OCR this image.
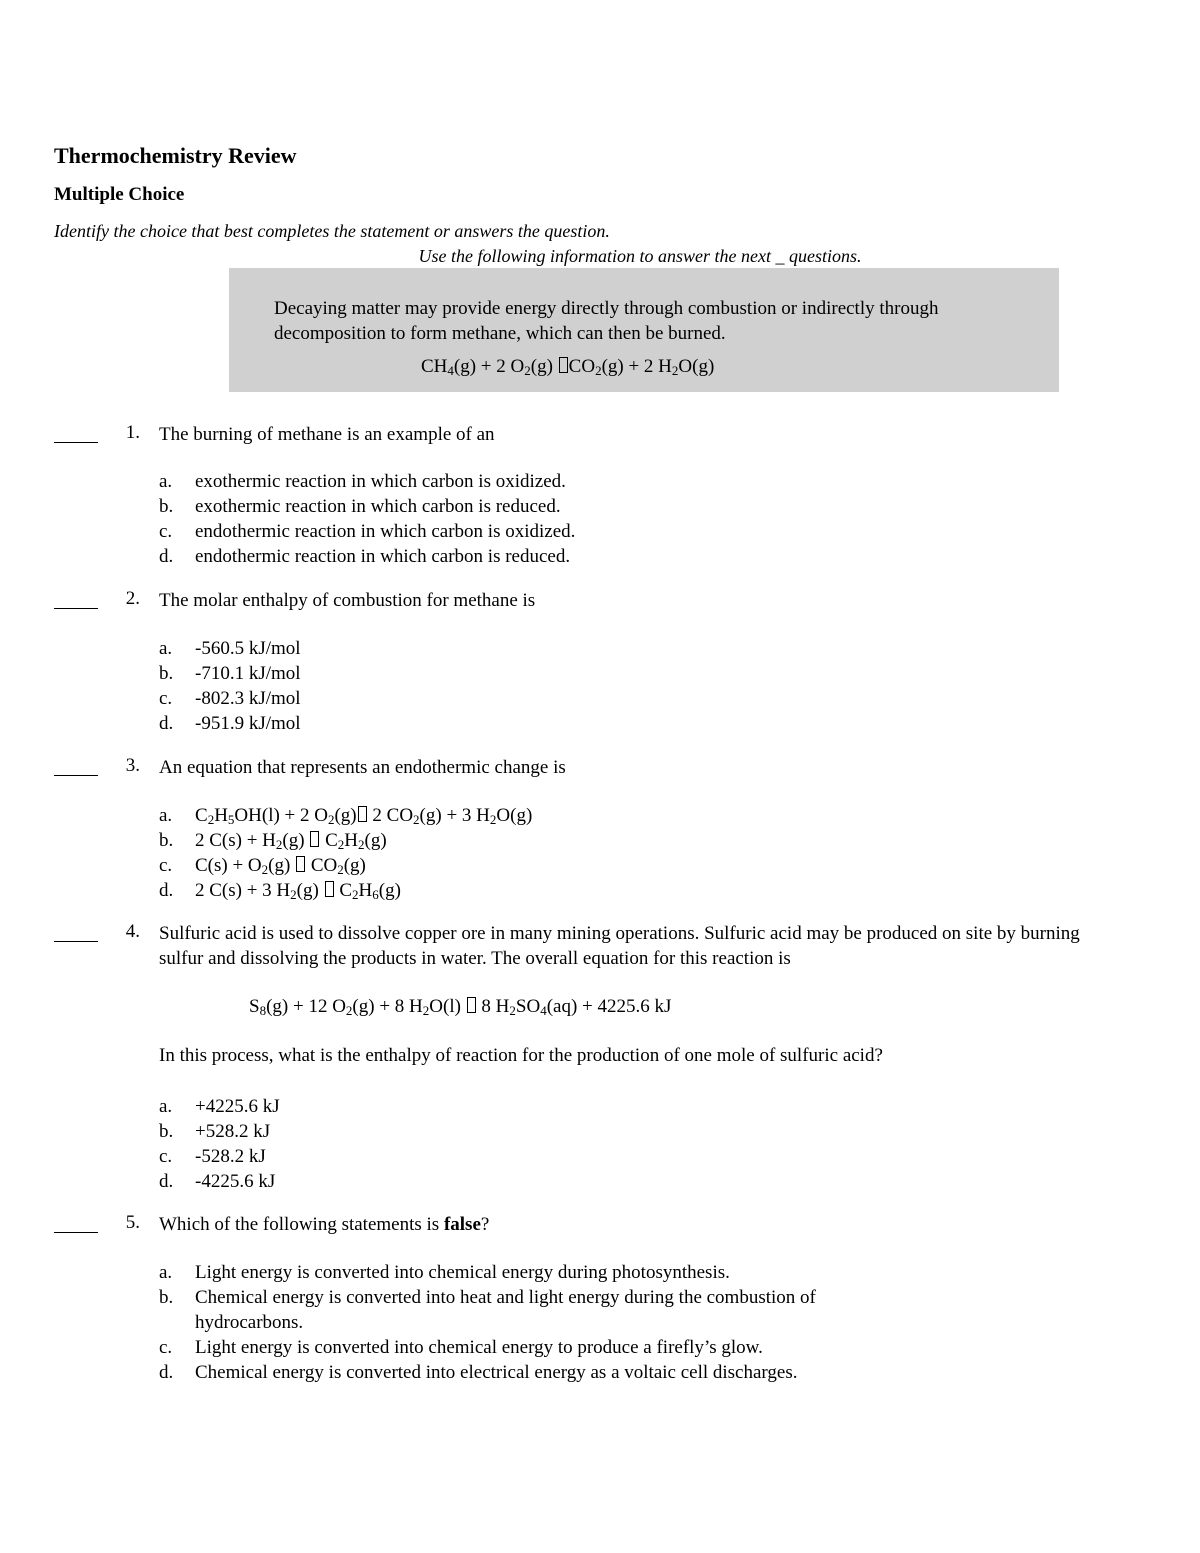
Thermochemistry Review
Multiple Choice
Identify the choice that best completes the statement or answers the question.
Use the following information to answer the next _ questions.
Decaying matter may provide energy directly through combustion or indirectly through decomposition to form methane, which can then be burned.
$CH_4(g) + 2$ $O_2(g) CO_2(g) + 2$ $H_2O(g)$
1. The burning of methane is an example of an
a.	exothermic reaction in which carbon is oxidized.
b.	exothermic reaction in which carbon is reduced.
c.	endothermic reaction in which carbon is oxidized.
d.	endothermic reaction in which carbon is reduced.
2. The molar enthalpy of combustion for methane is
a.	-560.5 kJ/mol
b.	-710.1 kJ/mol
c.	-802.3 kJ/mol
d.	-951.9 kJ/mol
3. An equation that represents an endothermic change is
a.	$C_2H_5OH(l) + 2$ $O_2(g)$ 2 $CO_2(g) + 3$ $H_2O(g)$
b.	2 $C(s) + H_2(g)$  $C_2H_2(g)$
c.	$C(s) + O_2(g)$  $CO_2(g)$
d.	2 C(s) + 3 $H_2(g)$  $C_2H_6(g)$
4. Sulfuric acid is used to dissolve copper ore in many mining operations. Sulfuric acid may be produced on site by burning sulfur and dissolving the products in water. The overall equation for this reaction is
$S_8(g) + 12$ $O_2(g) + 8$ $H_2O(l)$  8 $H_2SO_4(aq) + 4225.6$ kJ
In this process, what is the enthalpy of reaction for the production of one mole of sulfuric acid?
a.	+4225.6 kJ
b.	+528.2 kJ
c.	-528.2 kJ
d.	-4225.6 kJ
5. Which of the following statements is false?
a.	Light energy is converted into chemical energy during photosynthesis.
b.	Chemical energy is converted into heat and light energy during the combustion of hydrocarbons.
c.	Light energy is converted into chemical energy to produce a firefly’s glow.
d.	Chemical energy is converted into electrical energy as a voltaic cell discharges.
